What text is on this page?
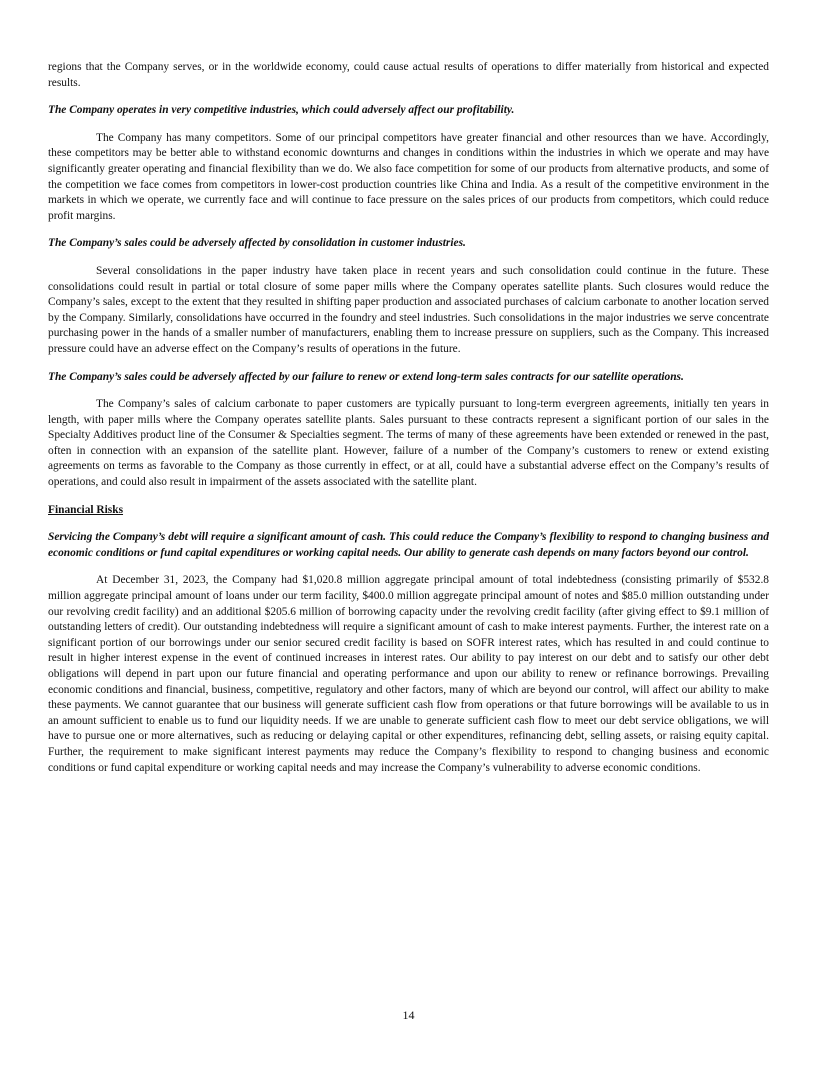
regions that the Company serves, or in the worldwide economy, could cause actual results of operations to differ materially from historical and expected results.

The Company operates in very competitive industries, which could adversely affect our profitability.

The Company has many competitors. Some of our principal competitors have greater financial and other resources than we have. Accordingly, these competitors may be better able to withstand economic downturns and changes in conditions within the industries in which we operate and may have significantly greater operating and financial flexibility than we do. We also face competition for some of our products from alternative products, and some of the competition we face comes from competitors in lower-cost production countries like China and India. As a result of the competitive environment in the markets in which we operate, we currently face and will continue to face pressure on the sales prices of our products from competitors, which could reduce profit margins.

The Company’s sales could be adversely affected by consolidation in customer industries.

Several consolidations in the paper industry have taken place in recent years and such consolidation could continue in the future. These consolidations could result in partial or total closure of some paper mills where the Company operates satellite plants. Such closures would reduce the Company’s sales, except to the extent that they resulted in shifting paper production and associated purchases of calcium carbonate to another location served by the Company. Similarly, consolidations have occurred in the foundry and steel industries. Such consolidations in the major industries we serve concentrate purchasing power in the hands of a smaller number of manufacturers, enabling them to increase pressure on suppliers, such as the Company. This increased pressure could have an adverse effect on the Company’s results of operations in the future.

The Company’s sales could be adversely affected by our failure to renew or extend long-term sales contracts for our satellite operations.

The Company’s sales of calcium carbonate to paper customers are typically pursuant to long-term evergreen agreements, initially ten years in length, with paper mills where the Company operates satellite plants. Sales pursuant to these contracts represent a significant portion of our sales in the Specialty Additives product line of the Consumer & Specialties segment. The terms of many of these agreements have been extended or renewed in the past, often in connection with an expansion of the satellite plant. However, failure of a number of the Company’s customers to renew or extend existing agreements on terms as favorable to the Company as those currently in effect, or at all, could have a substantial adverse effect on the Company’s results of operations, and could also result in impairment of the assets associated with the satellite plant.

Financial Risks

Servicing the Company’s debt will require a significant amount of cash. This could reduce the Company’s flexibility to respond to changing business and economic conditions or fund capital expenditures or working capital needs. Our ability to generate cash depends on many factors beyond our control.

At December 31, 2023, the Company had $1,020.8 million aggregate principal amount of total indebtedness (consisting primarily of $532.8 million aggregate principal amount of loans under our term facility, $400.0 million aggregate principal amount of notes and $85.0 million outstanding under our revolving credit facility) and an additional $205.6 million of borrowing capacity under the revolving credit facility (after giving effect to $9.1 million of outstanding letters of credit). Our outstanding indebtedness will require a significant amount of cash to make interest payments. Further, the interest rate on a significant portion of our borrowings under our senior secured credit facility is based on SOFR interest rates, which has resulted in and could continue to result in higher interest expense in the event of continued increases in interest rates. Our ability to pay interest on our debt and to satisfy our other debt obligations will depend in part upon our future financial and operating performance and upon our ability to renew or refinance borrowings. Prevailing economic conditions and financial, business, competitive, regulatory and other factors, many of which are beyond our control, will affect our ability to make these payments. We cannot guarantee that our business will generate sufficient cash flow from operations or that future borrowings will be available to us in an amount sufficient to enable us to fund our liquidity needs. If we are unable to generate sufficient cash flow to meet our debt service obligations, we will have to pursue one or more alternatives, such as reducing or delaying capital or other expenditures, refinancing debt, selling assets, or raising equity capital. Further, the requirement to make significant interest payments may reduce the Company’s flexibility to respond to changing business and economic conditions or fund capital expenditure or working capital needs and may increase the Company’s vulnerability to adverse economic conditions.

14
